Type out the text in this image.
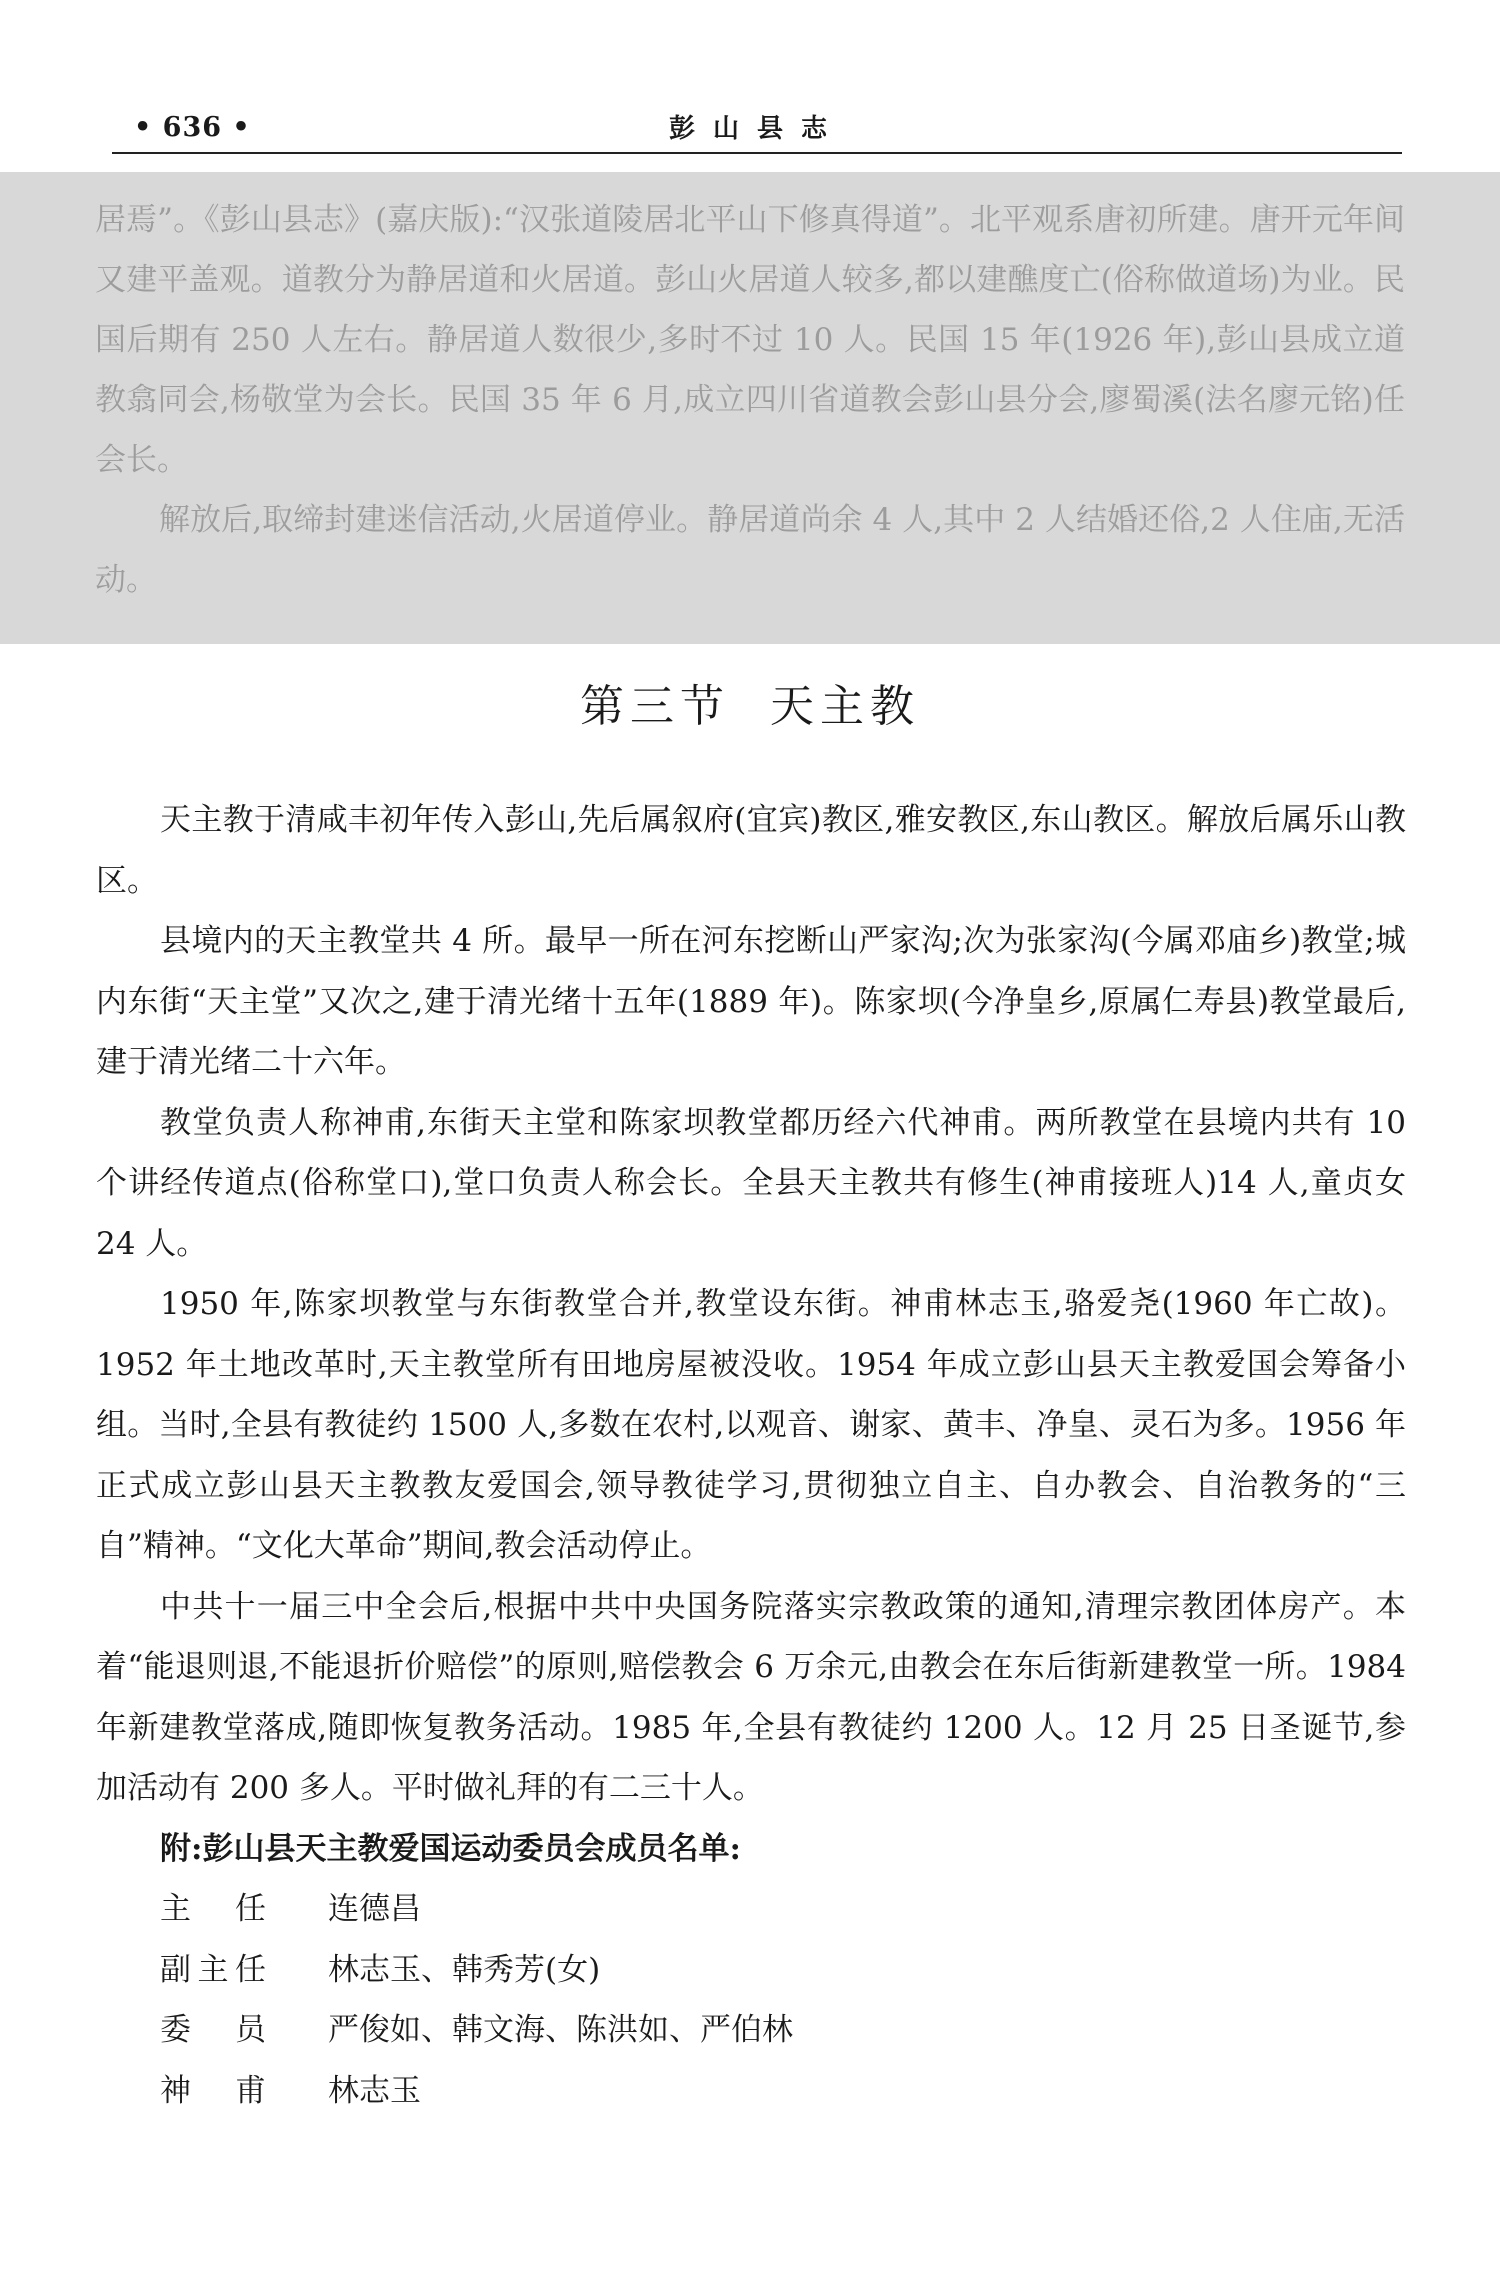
• 636 •	彭山县志

居焉”。《彭山县志》(嘉庆版):“汉张道陵居北平山下修真得道”。北平观系唐初所建。唐开元年间又建平盖观。道教分为静居道和火居道。彭山火居道人较多,都以建醮度亡(俗称做道场)为业。民国后期有 250 人左右。静居道人数很少,多时不过 10 人。民国 15 年(1926 年),彭山县成立道教翕同会,杨敬堂为会长。民国 35 年 6 月,成立四川省道教会彭山县分会,廖蜀溪(法名廖元铭)任会长。

解放后,取缔封建迷信活动,火居道停业。静居道尚余 4 人,其中 2 人结婚还俗,2 人住庙,无活动。

第三节 天主教

天主教于清咸丰初年传入彭山,先后属叙府(宜宾)教区,雅安教区,东山教区。解放后属乐山教区。

县境内的天主教堂共 4 所。最早一所在河东挖断山严家沟;次为张家沟(今属邓庙乡)教堂;城内东街“天主堂”又次之,建于清光绪十五年(1889 年)。陈家坝(今净皇乡,原属仁寿县)教堂最后,建于清光绪二十六年。

教堂负责人称神甫,东街天主堂和陈家坝教堂都历经六代神甫。两所教堂在县境内共有 10 个讲经传道点(俗称堂口),堂口负责人称会长。全县天主教共有修生(神甫接班人)14 人,童贞女 24 人。

1950 年,陈家坝教堂与东街教堂合并,教堂设东街。神甫林志玉,骆爱尧(1960 年亡故)。1952 年土地改革时,天主教堂所有田地房屋被没收。1954 年成立彭山县天主教爱国会筹备小组。当时,全县有教徒约 1500 人,多数在农村,以观音、谢家、黄丰、净皇、灵石为多。1956 年正式成立彭山县天主教教友爱国会,领导教徒学习,贯彻独立自主、自办教会、自治教务的“三自”精神。“文化大革命”期间,教会活动停止。

中共十一届三中全会后,根据中共中央国务院落实宗教政策的通知,清理宗教团体房产。本着“能退则退,不能退折价赔偿”的原则,赔偿教会 6 万余元,由教会在东后街新建教堂一所。1984 年新建教堂落成,随即恢复教务活动。1985 年,全县有教徒约 1200 人。12 月 25 日圣诞节,参加活动有 200 多人。平时做礼拜的有二三十人。

附:彭山县天主教爱国运动委员会成员名单:

主任 连德昌
副主任 林志玉、韩秀芳(女)
委员 严俊如、韩文海、陈洪如、严伯林
神甫 林志玉
